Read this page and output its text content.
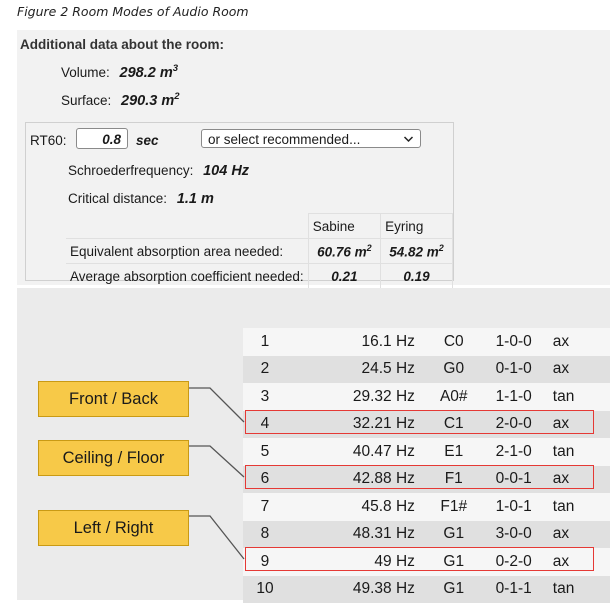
Figure 2 Room Modes of Audio Room
Additional data about the room:
Volume: 298.2 $m^3$
Surface: 290.3 $m^2$
RT60:	0.8	sec	or select recommended...
Schroederfrequency: 104 Hz
Critical distance: 1.1 m
	Sabine	Eyring
Equivalent absorption area needed:	60.76 $m^2$	54.82 $m^2$
Average absorption coefficient needed:	0.21	0.19
1	16.1 Hz	C0	1-0-0	ax
2	24.5 Hz	G0	0-1-0	ax
3	29.32 Hz	A0#	1-1-0	tan
4	32.21 Hz	C1	2-0-0	ax
5	40.47 Hz	E1	2-1-0	tan
6	42.88 Hz	F1	0-0-1	ax
7	45.8 Hz	F1#	1-0-1	tan
8	48.31 Hz	G1	3-0-0	ax
9	49 Hz	G1	0-2-0	ax
10	49.38 Hz	G1	0-1-1	tan
Front / Back
Ceiling / Floor
Left / Right
